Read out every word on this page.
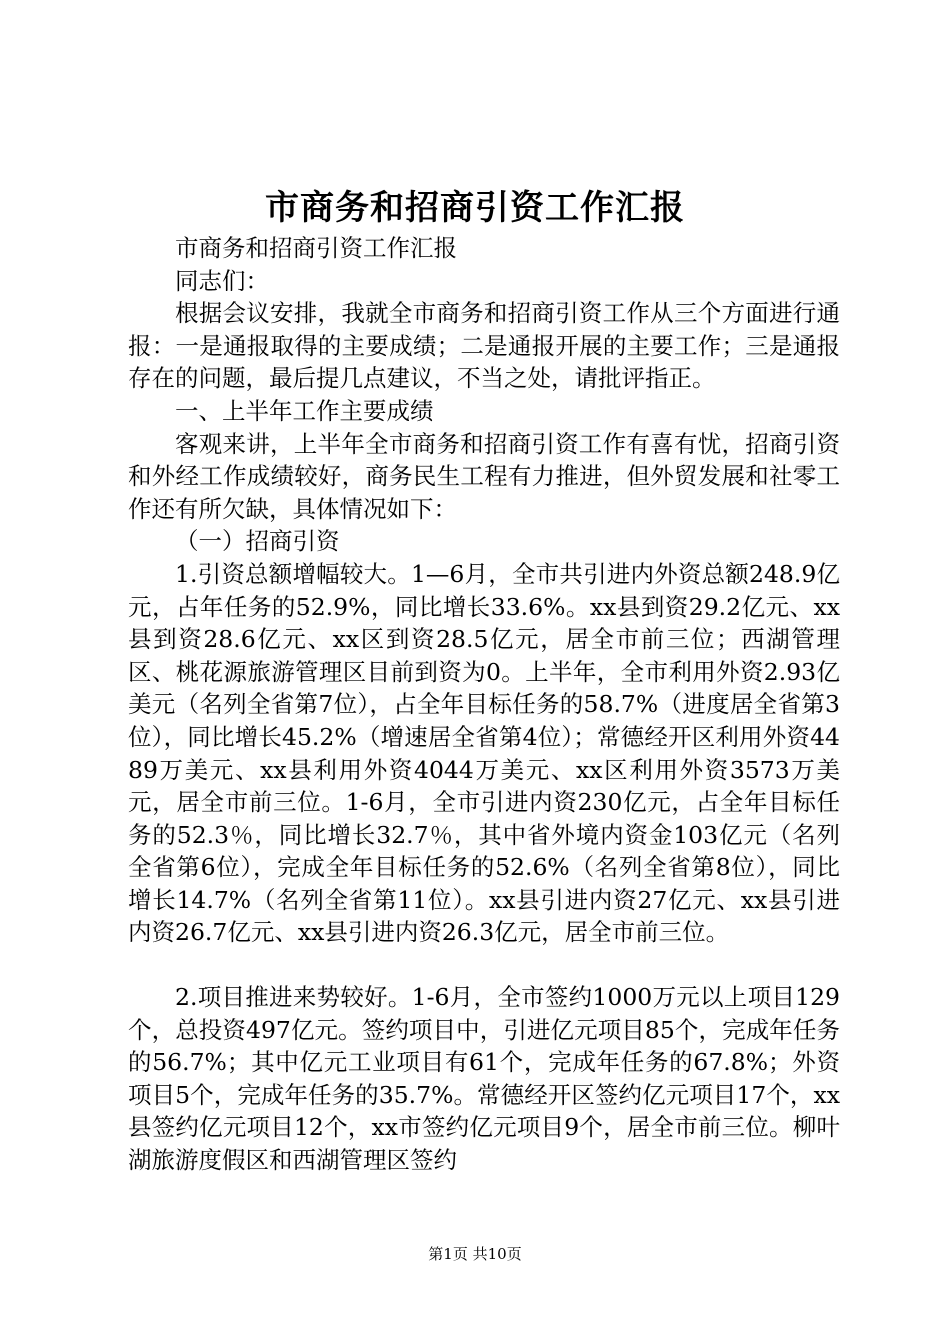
市商务和招商引资工作汇报

市商务和招商引资工作汇报

同志们：

根据会议安排，我就全市商务和招商引资工作从三个方面进行通报：一是通报取得的主要成绩；二是通报开展的主要工作；三是通报存在的问题，最后提几点建议，不当之处，请批评指正。

一、上半年工作主要成绩

客观来讲，上半年全市商务和招商引资工作有喜有忧，招商引资和外经工作成绩较好，商务民生工程有力推进，但外贸发展和社零工作还有所欠缺，具体情况如下：

（一）招商引资

1.引资总额增幅较大。1—6月，全市共引进内外资总额248.9亿元，占年任务的52.9%，同比增长33.6%。xx县到资29.2亿元、xx县到资28.6亿元、xx区到资28.5亿元，居全市前三位；西湖管理区、桃花源旅游管理区目前到资为0。上半年，全市利用外资2.93亿美元（名列全省第7位），占全年目标任务的58.7%（进度居全省第3位），同比增长45.2%（增速居全省第4位）；常德经开区利用外资4489万美元、xx县利用外资4044万美元、xx区利用外资3573万美元，居全市前三位。1-6月，全市引进内资230亿元，占全年目标任务的52.3％，同比增长32.7％，其中省外境内资金103亿元（名列全省第6位），完成全年目标任务的52.6%（名列全省第8位），同比增长14.7%（名列全省第11位）。xx县引进内资27亿元、xx县引进内资26.7亿元、xx县引进内资26.3亿元，居全市前三位。

2.项目推进来势较好。1-6月，全市签约1000万元以上项目129个，总投资497亿元。签约项目中，引进亿元项目85个，完成年任务的56.7%；其中亿元工业项目有61个，完成年任务的67.8%；外资项目5个，完成年任务的35.7%。常德经开区签约亿元项目17个，xx县签约亿元项目12个，xx市签约亿元项目9个，居全市前三位。柳叶湖旅游度假区和西湖管理区签约

第1页 共10页
